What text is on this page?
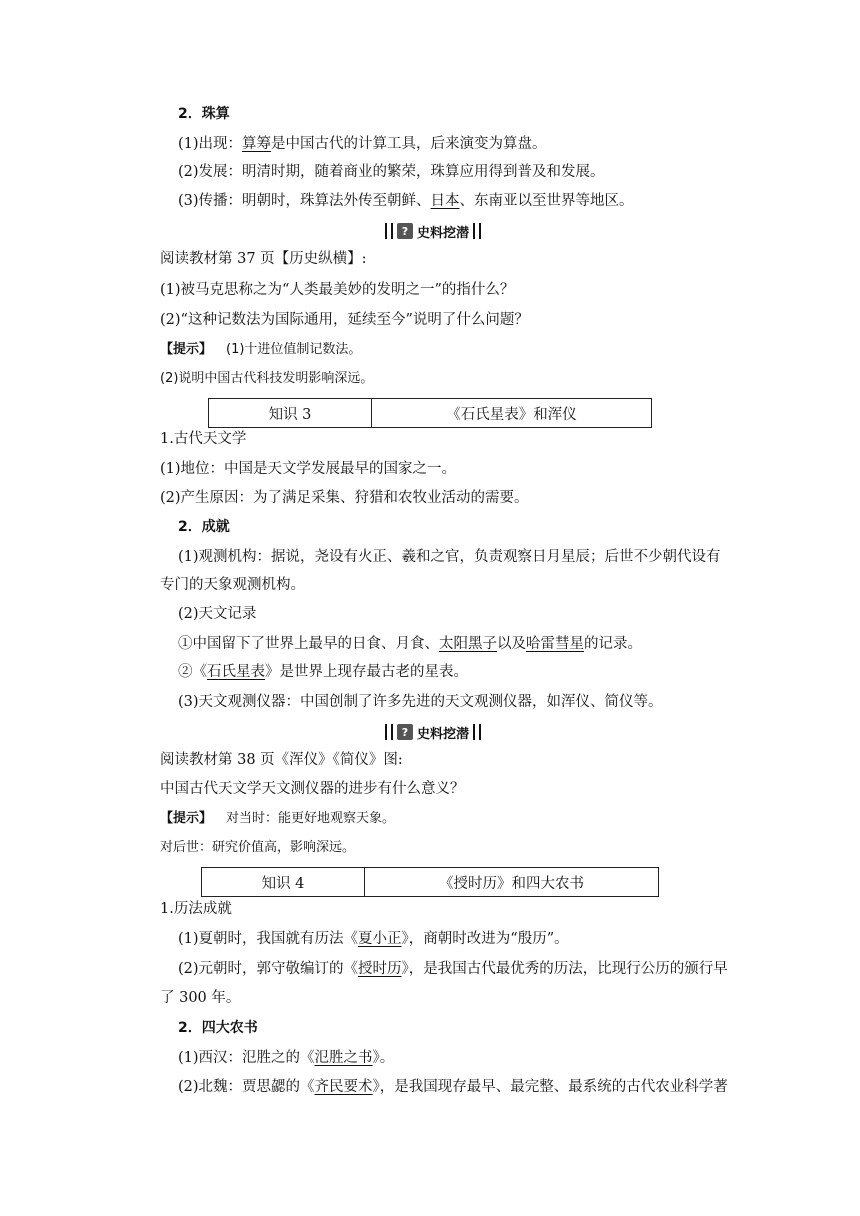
2．珠算
(1)出现：算筹是中国古代的计算工具，后来演变为算盘。
(2)发展：明清时期，随着商业的繁荣，珠算应用得到普及和发展。
(3)传播：明朝时，珠算法外传至朝鲜、日本、东南亚以至世界等地区。
? 史料挖潜
阅读教材第 37 页【历史纵横】:
(1)被马克思称之为“人类最美妙的发明之一”的指什么？
(2)“这种记数法为国际通用，延续至今”说明了什么问题？
【提示】 (1)十进位值制记数法。
(2)说明中国古代科技发明影响深远。
知识 3	《石氏星表》和浑仪
1.古代天文学
(1)地位：中国是天文学发展最早的国家之一。
(2)产生原因：为了满足采集、狩猎和农牧业活动的需要。
2．成就
(1)观测机构：据说，尧设有火正、羲和之官，负责观察日月星辰；后世不少朝代设有
专门的天象观测机构。
(2)天文记录
①中国留下了世界上最早的日食、月食、太阳黑子以及哈雷彗星的记录。
②《石氏星表》是世界上现存最古老的星表。
(3)天文观测仪器：中国创制了许多先进的天文观测仪器，如浑仪、简仪等。
? 史料挖潜
阅读教材第 38 页《浑仪》《简仪》图:
中国古代天文学天文测仪器的进步有什么意义？
【提示】 对当时：能更好地观察天象。
对后世：研究价值高，影响深远。
知识 4	《授时历》和四大农书
1.历法成就
(1)夏朝时，我国就有历法《夏小正》，商朝时改进为“殷历”。
(2)元朝时，郭守敬编订的《授时历》，是我国古代最优秀的历法，比现行公历的颁行早
了 300 年。
2．四大农书
(1)西汉：氾胜之的《氾胜之书》。
(2)北魏：贾思勰的《齐民要术》，是我国现存最早、最完整、最系统的古代农业科学著
